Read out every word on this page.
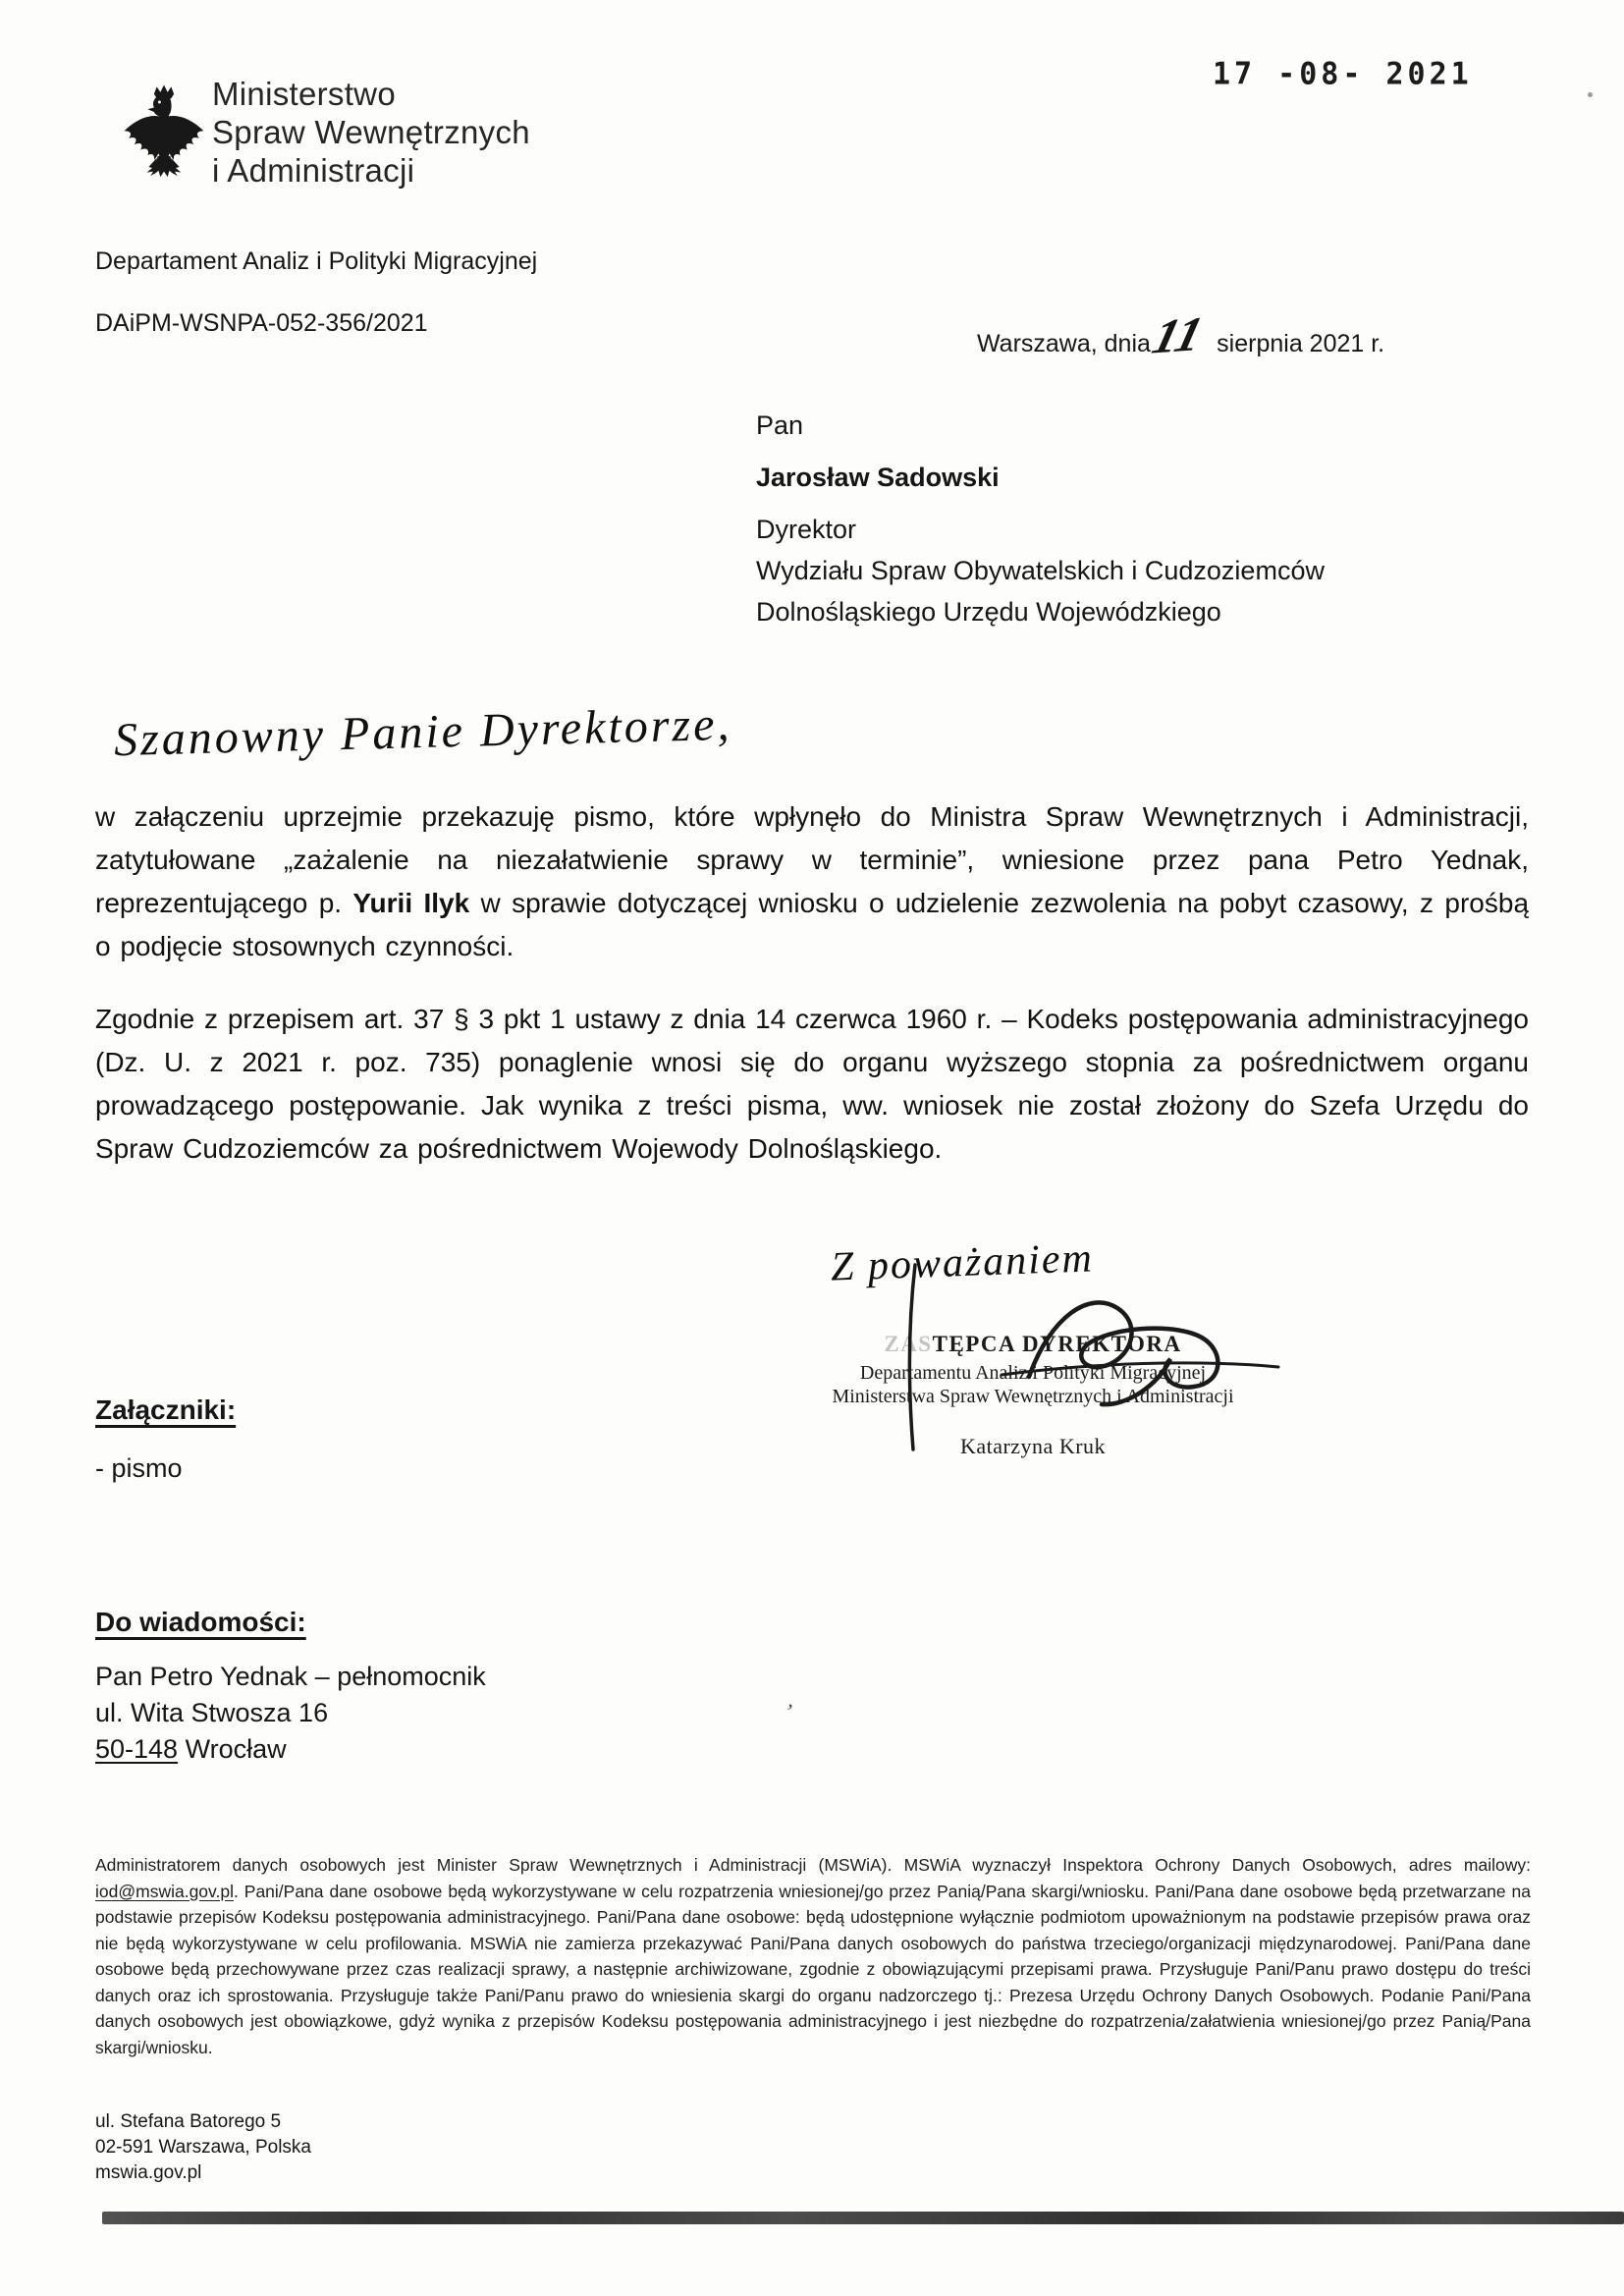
Ministerstwo
Spraw Wewnętrznych
i Administracji
17 -08- 2021
Departament Analiz i Polityki Migracyjnej
DAiPM-WSNPA-052-356/2021
Warszawa, dnia
11 sierpnia 2021 r.
Pan
Jarosław Sadowski
Dyrektor
Wydziału Spraw Obywatelskich i Cudzoziemców
Dolnośląskiego Urzędu Wojewódzkiego
Szanowny Panie Dyrektorze,
w załączeniu uprzejmie przekazuję pismo, które wpłynęło do Ministra Spraw Wewnętrznych i Administracji, zatytułowane „zażalenie na niezałatwienie sprawy w terminie”, wniesione przez pana Petro Yednak, reprezentującego p. Yurii Ilyk w sprawie dotyczącej wniosku o udzielenie zezwolenia na pobyt czasowy, z prośbą o podjęcie stosownych czynności.
Zgodnie z przepisem art. 37 § 3 pkt 1 ustawy z dnia 14 czerwca 1960 r. – Kodeks postępowania administracyjnego (Dz. U. z 2021 r. poz. 735) ponaglenie wnosi się do organu wyższego stopnia za pośrednictwem organu prowadzącego postępowanie. Jak wynika z treści pisma, ww. wniosek nie został złożony do Szefa Urzędu do Spraw Cudzoziemców za pośrednictwem Wojewody Dolnośląskiego.
Z poważaniem
ZASTĘPCA DYREKTORA
Departamentu Analiz i Polityki Migracyjnej
Ministerstwa Spraw Wewnętrznych i Administracji
Katarzyna Kruk
Załączniki:
- pismo
Do wiadomości:
Pan Petro Yednak – pełnomocnik
ul. Wita Stwosza 16
50-148 Wrocław
ʼ
Administratorem danych osobowych jest Minister Spraw Wewnętrznych i Administracji (MSWiA). MSWiA wyznaczył Inspektora Ochrony Danych Osobowych, adres mailowy: iod@mswia.gov.pl. Pani/Pana dane osobowe będą wykorzystywane w celu rozpatrzenia wniesionej/go przez Panią/Pana skargi/wniosku. Pani/Pana dane osobowe będą przetwarzane na podstawie przepisów Kodeksu postępowania administracyjnego. Pani/Pana dane osobowe: będą udostępnione wyłącznie podmiotom upoważnionym na podstawie przepisów prawa oraz nie będą wykorzystywane w celu profilowania. MSWiA nie zamierza przekazywać Pani/Pana danych osobowych do państwa trzeciego/organizacji międzynarodowej. Pani/Pana dane osobowe będą przechowywane przez czas realizacji sprawy, a następnie archiwizowane, zgodnie z obowiązującymi przepisami prawa. Przysługuje Pani/Panu prawo dostępu do treści danych oraz ich sprostowania. Przysługuje także Pani/Panu prawo do wniesienia skargi do organu nadzorczego tj.: Prezesa Urzędu Ochrony Danych Osobowych. Podanie Pani/Pana danych osobowych jest obowiązkowe, gdyż wynika z przepisów Kodeksu postępowania administracyjnego i jest niezbędne do rozpatrzenia/załatwienia wniesionej/go przez Panią/Pana skargi/wniosku.
ul. Stefana Batorego 5
02-591 Warszawa, Polska
mswia.gov.pl
